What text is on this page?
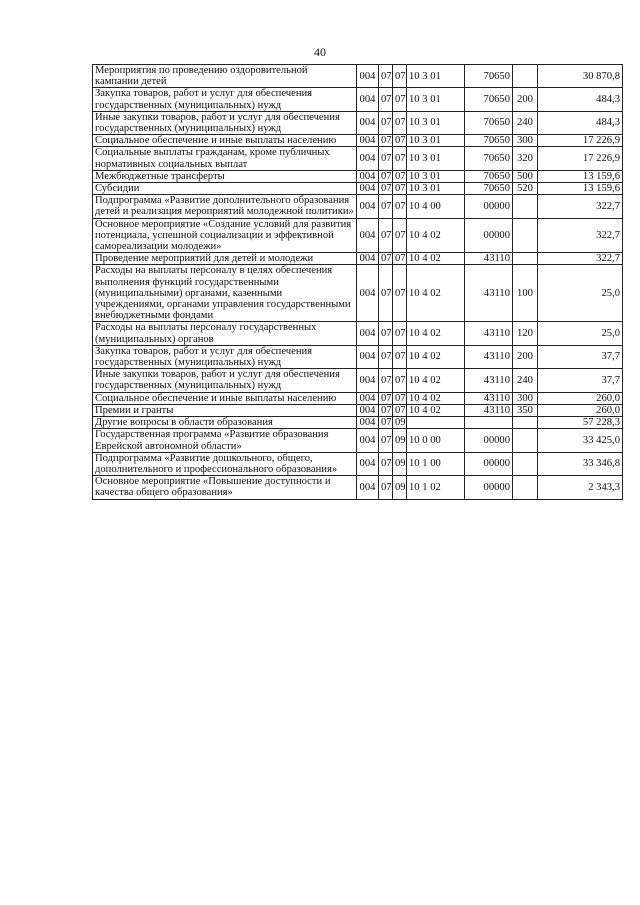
40
Мероприятия по проведению оздоровительной кампании детей	004	07	07	10 3 01	70650		30 870,8
Закупка товаров, работ и услуг для обеспечения государственных (муниципальных) нужд	004	07	07	10 3 01	70650	200	484,3
Иные закупки товаров, работ и услуг для обеспечения государственных (муниципальных) нужд	004	07	07	10 3 01	70650	240	484,3
Социальное обеспечение и иные выплаты населению	004	07	07	10 3 01	70650	300	17 226,9
Социальные выплаты гражданам, кроме публичных нормативных социальных выплат	004	07	07	10 3 01	70650	320	17 226,9
Межбюджетные трансферты	004	07	07	10 3 01	70650	500	13 159,6
Субсидии	004	07	07	10 3 01	70650	520	13 159,6
Подпрограмма «Развитие дополнительного образования детей и реализация мероприятий молодежной политики»	004	07	07	10 4 00	00000		322,7
Основное мероприятие «Создание условий для развития потенциала, успешной социализации и эффективной самореализации молодежи»	004	07	07	10 4 02	00000		322,7
Проведение мероприятий для детей и молодежи	004	07	07	10 4 02	43110		322,7
Расходы на выплаты персоналу в целях обеспечения выполнения функций государственными (муниципальными) органами, казенными учреждениями, органами управления государственными внебюджетными фондами	004	07	07	10 4 02	43110	100	25,0
Расходы на выплаты персоналу государственных (муниципальных) органов	004	07	07	10 4 02	43110	120	25,0
Закупка товаров, работ и услуг для обеспечения государственных (муниципальных) нужд	004	07	07	10 4 02	43110	200	37,7
Иные закупки товаров, работ и услуг для обеспечения государственных (муниципальных) нужд	004	07	07	10 4 02	43110	240	37,7
Социальное обеспечение и иные выплаты населению	004	07	07	10 4 02	43110	300	260,0
Премии и гранты	004	07	07	10 4 02	43110	350	260,0
Другие вопросы в области образования	004	07	09				57 228,3
Государственная программа «Развитие образования Еврейской автономной области»	004	07	09	10 0 00	00000		33 425,0
Подпрограмма «Развитие дошкольного, общего, дополнительного и профессионального образования»	004	07	09	10 1 00	00000		33 346,8
Основное мероприятие «Повышение доступности и качества общего образования»	004	07	09	10 1 02	00000		2 343,3
